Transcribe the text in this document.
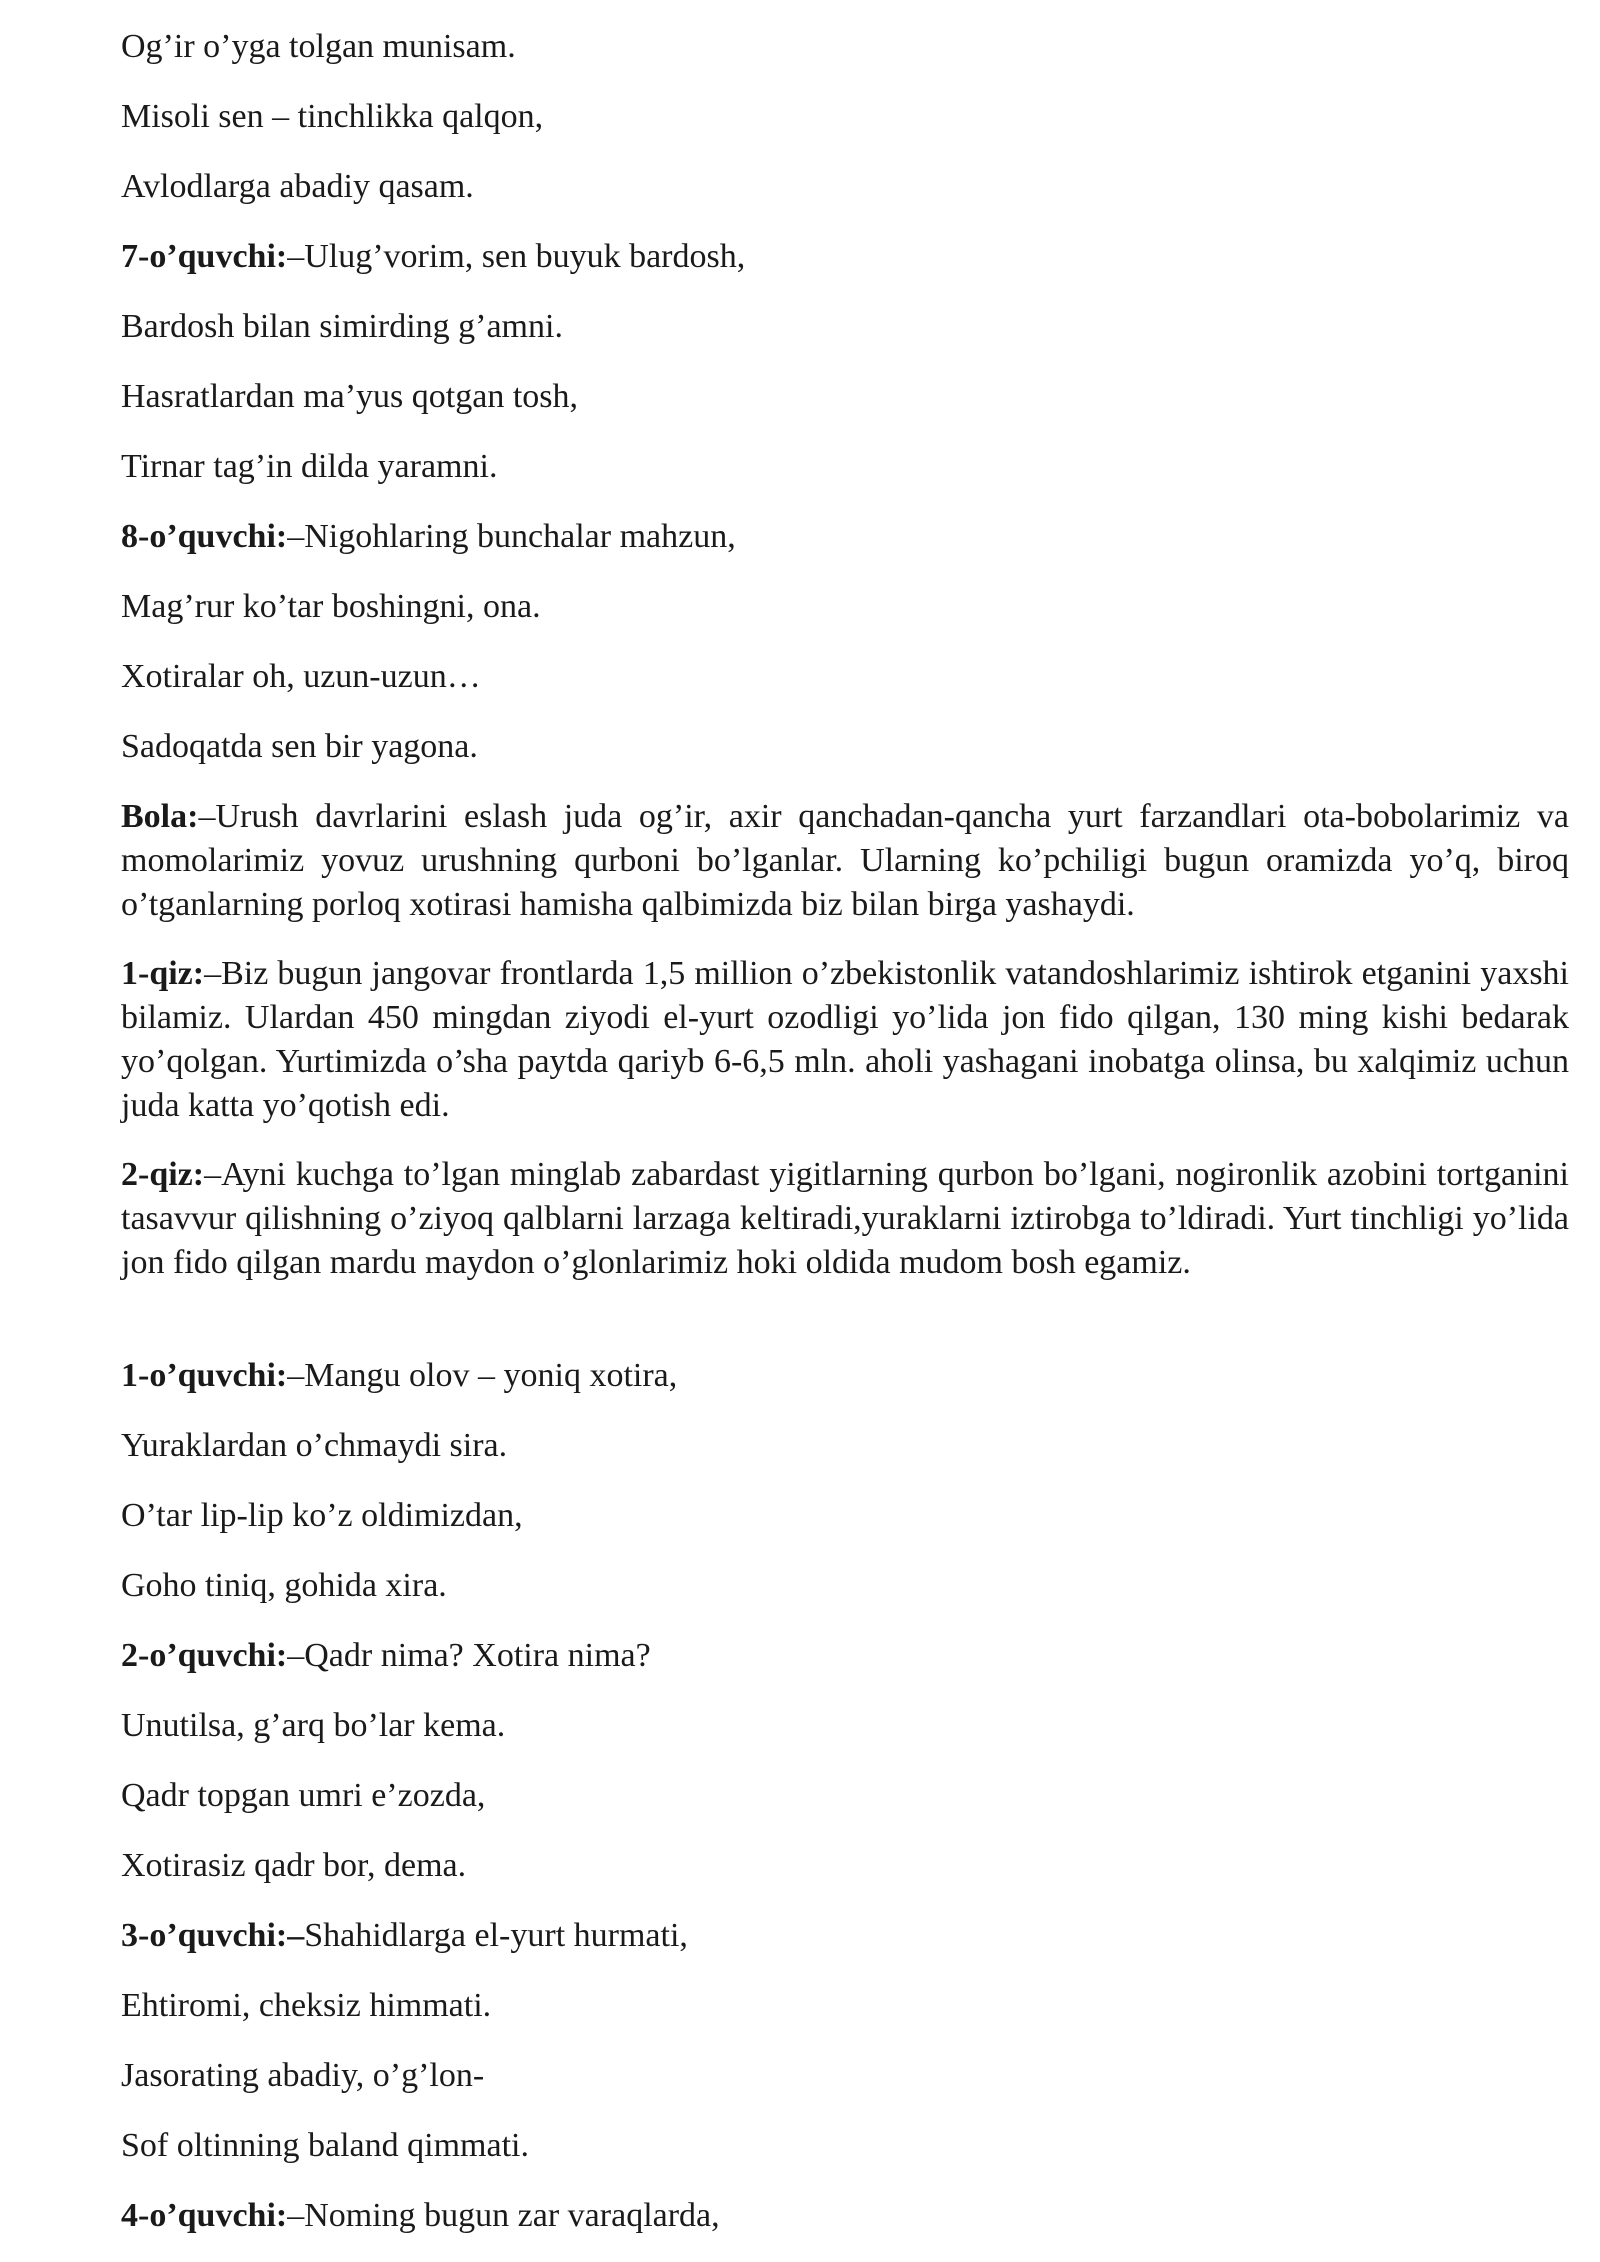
Og’ir o’yga tolgan munisam.
Misoli sen – tinchlikka qalqon,
Avlodlarga abadiy qasam.
7-o’quvchi:–Ulug’vorim, sen buyuk bardosh,
Bardosh bilan simirding g’amni.
Hasratlardan ma’yus qotgan tosh,
Tirnar tag’in dilda yaramni.
8-o’quvchi:–Nigohlaring bunchalar mahzun,
Mag’rur ko’tar boshingni, ona.
Xotiralar oh, uzun-uzun…
Sadoqatda sen bir yagona.
Bola:–Urush davrlarini eslash juda og’ir, axir qanchadan-qancha yurt farzandlari ota-bobolarimiz va momolarimiz yovuz urushning qurboni bo’lganlar. Ularning ko’pchiligi bugun oramizda yo’q, biroq o’tganlarning porloq xotirasi hamisha qalbimizda biz bilan birga yashaydi.
1-qiz:–Biz bugun jangovar frontlarda 1,5 million o’zbekistonlik vatandoshlarimiz ishtirok etganini yaxshi bilamiz. Ulardan 450 mingdan ziyodi el-yurt ozodligi yo’lida jon fido qilgan, 130 ming kishi bedarak yo’qolgan. Yurtimizda o’sha paytda qariyb 6-6,5 mln. aholi yashagani inobatga olinsa, bu xalqimiz uchun juda katta yo’qotish edi.
2-qiz:–Ayni kuchga to’lgan minglab zabardast yigitlarning qurbon bo’lgani, nogironlik azobini tortganini tasavvur qilishning o’ziyoq qalblarni larzaga keltiradi,yuraklarni iztirobga to’ldiradi. Yurt tinchligi yo’lida jon fido qilgan mardu maydon o’glonlarimiz hoki oldida mudom bosh egamiz.
1-o’quvchi:–Mangu olov – yoniq xotira,
Yuraklardan o’chmaydi sira.
O’tar lip-lip ko’z oldimizdan,
Goho tiniq, gohida xira.
2-o’quvchi:–Qadr nima? Xotira nima?
Unutilsa, g’arq bo’lar kema.
Qadr topgan umri e’zozda,
Xotirasiz qadr bor, dema.
3-o’quvchi:–Shahidlarga el-yurt hurmati,
Ehtiromi, cheksiz himmati.
Jasorating abadiy, o’g’lon-
Sof oltinning baland qimmati.
4-o’quvchi:–Noming bugun zar varaqlarda,
